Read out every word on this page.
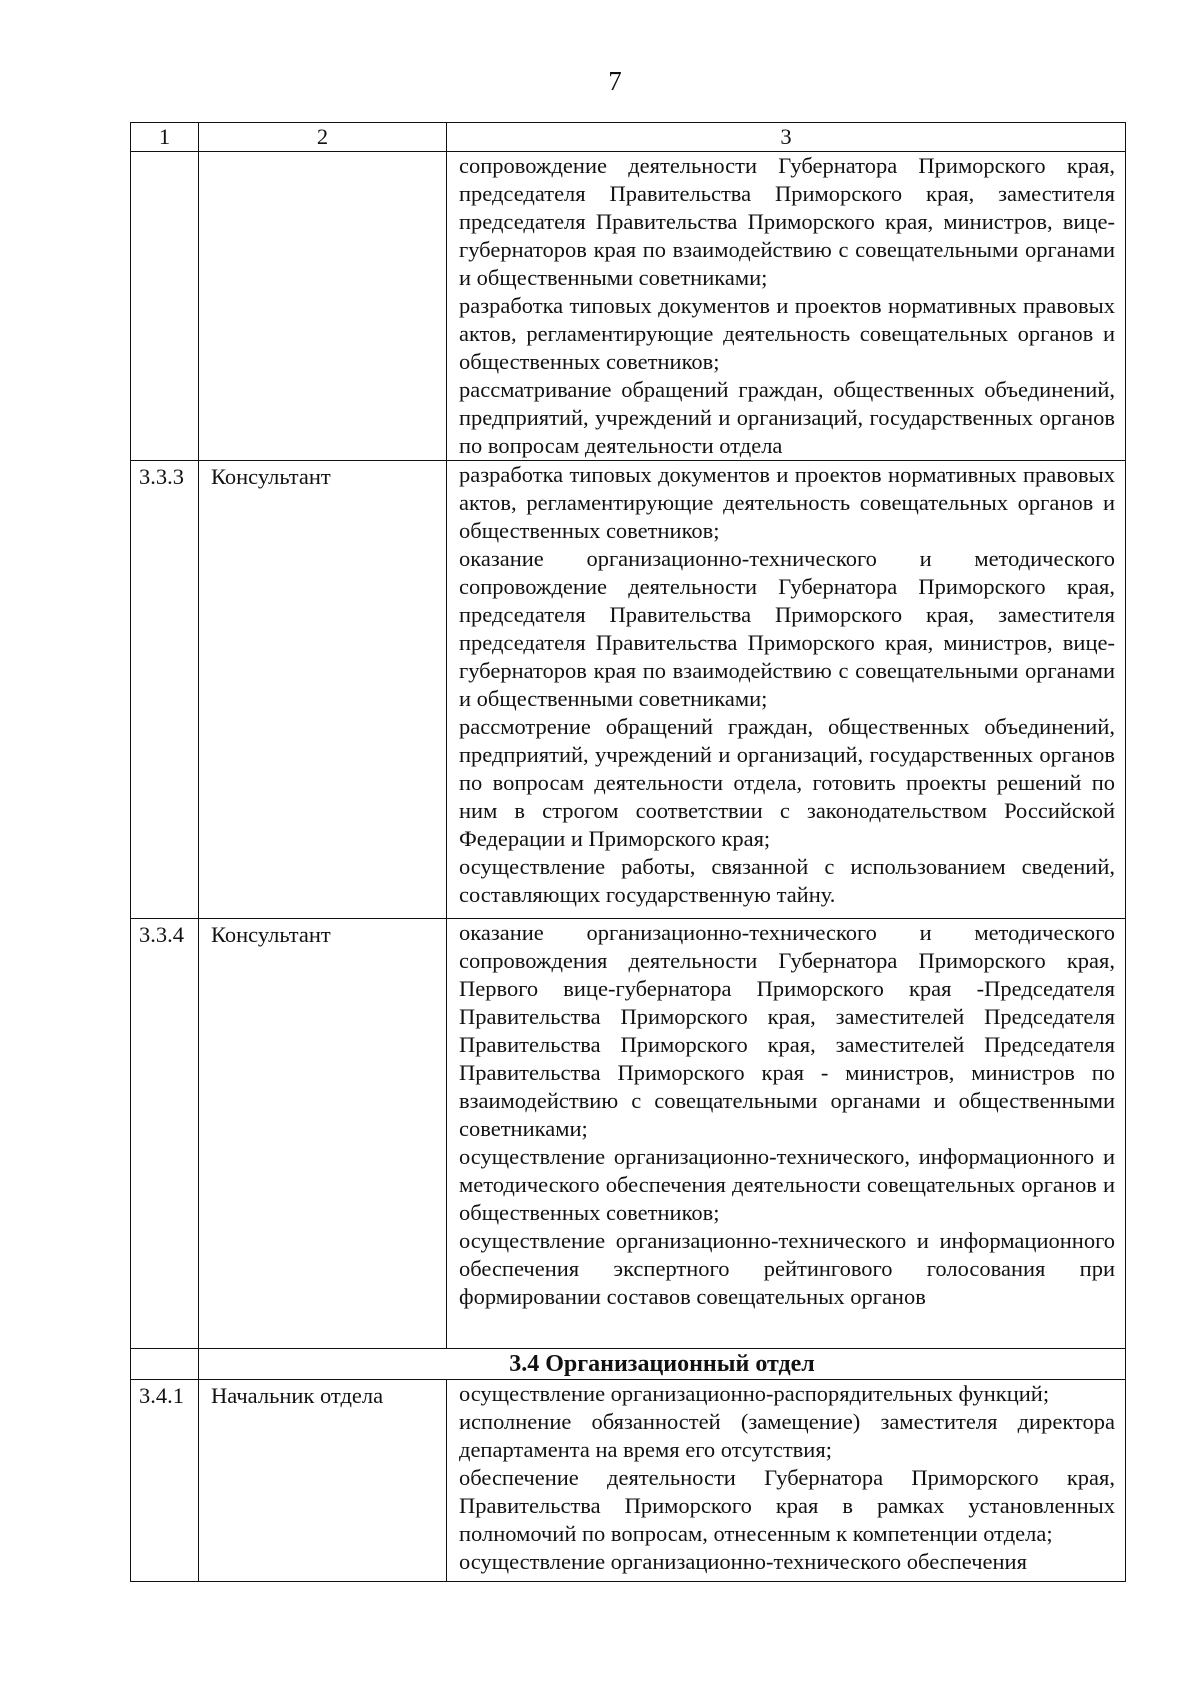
7
1	2	3

		сопровождение деятельности Губернатора Приморского края, председателя Правительства Приморского края, заместителя председателя Правительства Приморского края, министров, вице-губернаторов края по взаимодействию с совещательными органами и общественными советниками;
разработка типовых документов и проектов нормативных правовых актов, регламентирующие деятельность совещательных органов и общественных советников;
рассматривание обращений граждан, общественных объединений, предприятий, учреждений и организаций, государственных органов по вопросам деятельности отдела

3.3.3	Консультант	разработка типовых документов и проектов нормативных правовых актов, регламентирующие деятельность совещательных органов и общественных советников;
оказание организационно-технического и методического сопровождение деятельности Губернатора Приморского края, председателя Правительства Приморского края, заместителя председателя Правительства Приморского края, министров, вице-губернаторов края по взаимодействию с совещательными органами и общественными советниками;
рассмотрение обращений граждан, общественных объединений, предприятий, учреждений и организаций, государственных органов по вопросам деятельности отдела, готовить проекты решений по ним в строгом соответствии с законодательством Российской Федерации и Приморского края;
осуществление работы, связанной с использованием сведений, составляющих государственную тайну.

3.3.4	Консультант	оказание организационно-технического и методического сопровождения деятельности Губернатора Приморского края, Первого вице-губернатора Приморского края -Председателя Правительства Приморского края, заместителей Председателя Правительства Приморского края, заместителей Председателя Правительства Приморского края - министров, министров по взаимодействию с совещательными органами и общественными советниками;
осуществление организационно-технического, информационного и методического обеспечения деятельности совещательных органов и общественных советников;
осуществление организационно-технического и информационного обеспечения экспертного рейтингового голосования при формировании составов совещательных органов

	3.4 Организационный отдел	
3.4.1	Начальник отдела	осуществление организационно-распорядительных функций;
исполнение обязанностей (замещение) заместителя директора департамента на время его отсутствия;
обеспечение деятельности Губернатора Приморского края, Правительства Приморского края в рамках установленных полномочий по вопросам, отнесенным к компетенции отдела;
осуществление организационно-технического обеспечения
